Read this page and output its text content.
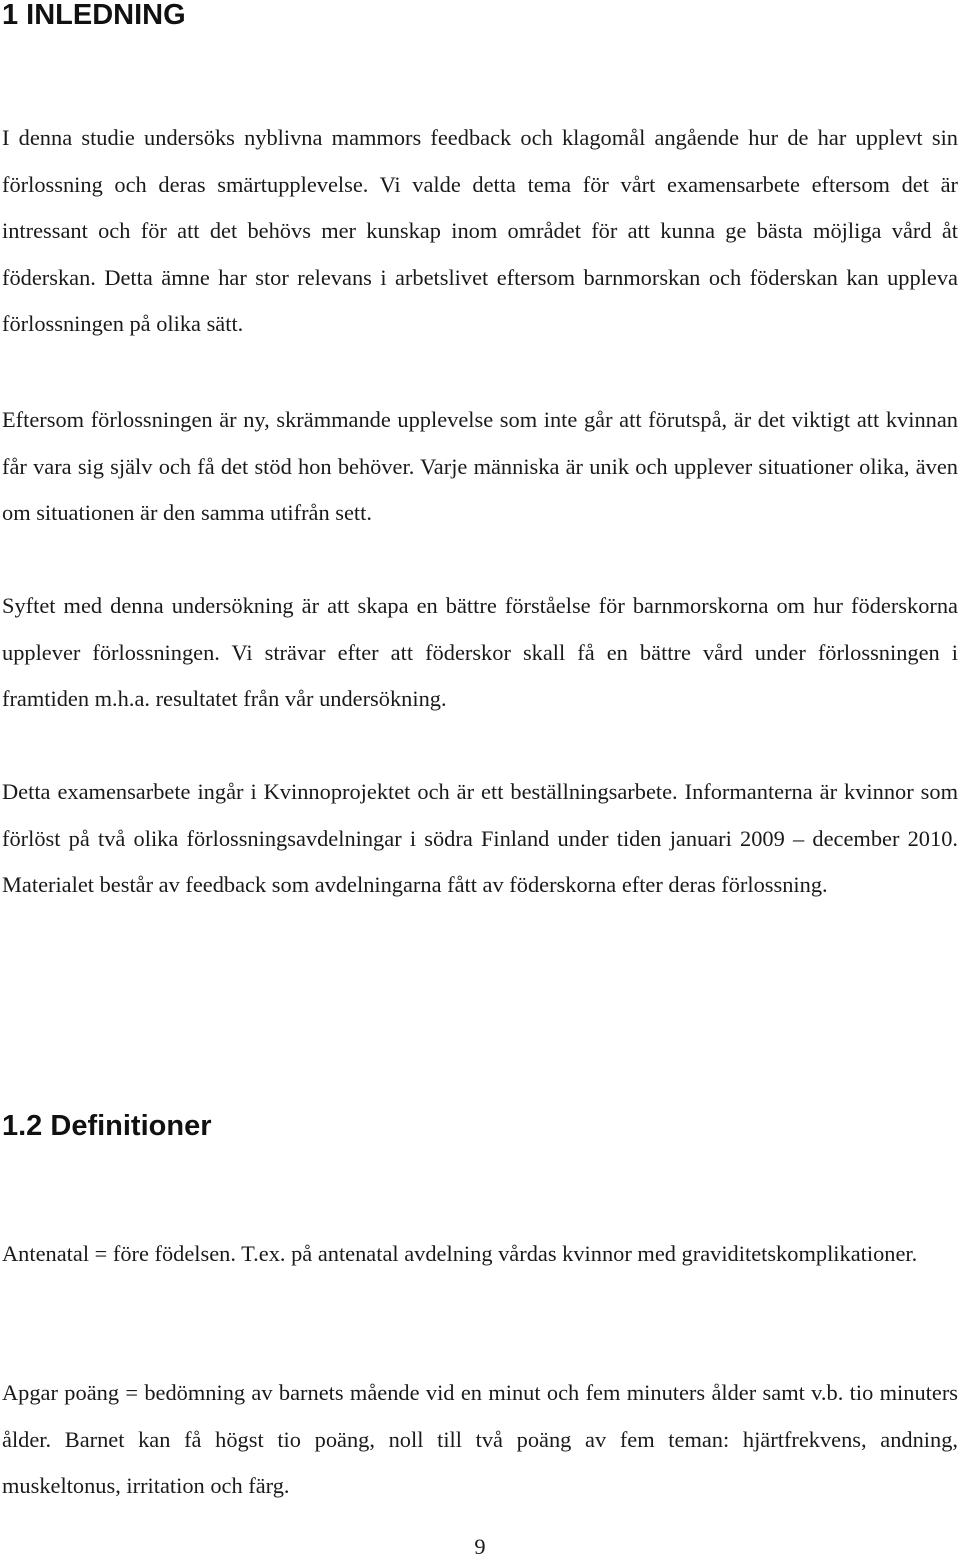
1 INLEDNING

I denna studie undersöks nyblivna mammors feedback och klagomål angående hur de har upplevt sin förlossning och deras smärtupplevelse. Vi valde detta tema för vårt examensarbete eftersom det är intressant och för att det behövs mer kunskap inom området för att kunna ge bästa möjliga vård åt föderskan. Detta ämne har stor relevans i arbetslivet eftersom barnmorskan och föderskan kan uppleva förlossningen på olika sätt.

Eftersom förlossningen är ny, skrämmande upplevelse som inte går att förutspå, är det viktigt att kvinnan får vara sig själv och få det stöd hon behöver. Varje människa är unik och upplever situationer olika, även om situationen är den samma utifrån sett.

Syftet med denna undersökning är att skapa en bättre förståelse för barnmorskorna om hur föderskorna upplever förlossningen. Vi strävar efter att föderskor skall få en bättre vård under förlossningen i framtiden m.h.a. resultatet från vår undersökning.

Detta examensarbete ingår i Kvinnoprojektet och är ett beställningsarbete. Informanterna är kvinnor som förlöst på två olika förlossningsavdelningar i södra Finland under tiden januari 2009 – december 2010. Materialet består av feedback som avdelningarna fått av föderskorna efter deras förlossning.

1.2 Definitioner

Antenatal = före födelsen. T.ex. på antenatal avdelning vårdas kvinnor med graviditetskomplikationer.

Apgar poäng = bedömning av barnets mående vid en minut och fem minuters ålder samt v.b. tio minuters ålder. Barnet kan få högst tio poäng, noll till två poäng av fem teman: hjärtfrekvens, andning, muskeltonus, irritation och färg.

9
